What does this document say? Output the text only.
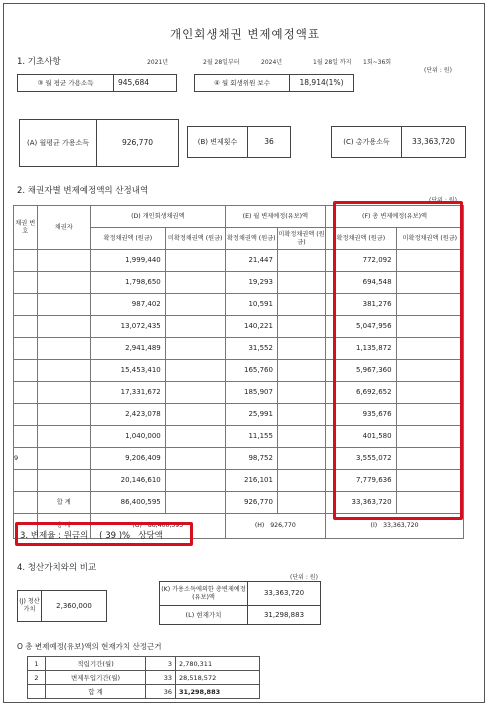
개인회생채권 변제예정액표
1. 기초사항	2021년	2월 28일부터	2024년	1월 28일 까지 1회~36회
(단위 : 원)
③ 월 평균 가용소득	945,684	④ 월 회생위원 보수	18,914(1%)
(A) 월평균 가용소득	926,770	(B) 변제횟수	36	(C) 총가용소득	33,363,720
2. 채권자별 변제예정액의 산정내역
(단위 : 원)
채권 번호	채권자	(D) 개인회생채권액		(E) 월 변제예정(유보)액		(F) 총 변제예정(유보)액	
		확정채권액 (원금)	미확정채권액 (원금)	확정채권액 (원금)	미확정채권액 (원금)	확정채권액 (원금)	미확정채권액 (원금)
		1,999,440		21,447		772,092	
		1,798,650		19,293		694,548	
		987,402		10,591		381,276	
		13,072,435		140,221		5,047,956	
		2,941,489		31,552		1,135,872	
		15,453,410		165,760		5,967,360	
		17,331,672		185,907		6,692,652	
		2,423,078		25,991		935,676	
		1,040,000		11,155		401,580	
9		9,206,409		98,752		3,555,072	
		20,146,610		216,101		7,779,636	
	합 계	86,400,595		926,770		33,363,720	
	총 계	(G) 86,400,595		(H) 926,770		(I) 33,363,720	
3. 변제율 : 원금의 ( 39 )% 상당액
4. 청산가치와의 비교
(단위 : 원)
(J) 청산 가치	2,360,000
(K) 가용소득에의한 총변제예정(유보)액	33,363,720
(L) 현재가치	31,298,883
O 총 변제예정(유보)액의 현재가치 산정근거
1	적립기간(월)	3	2,780,311
2	변제투입기간(월)	33	28,518,572
	합 계	36	31,298,883
